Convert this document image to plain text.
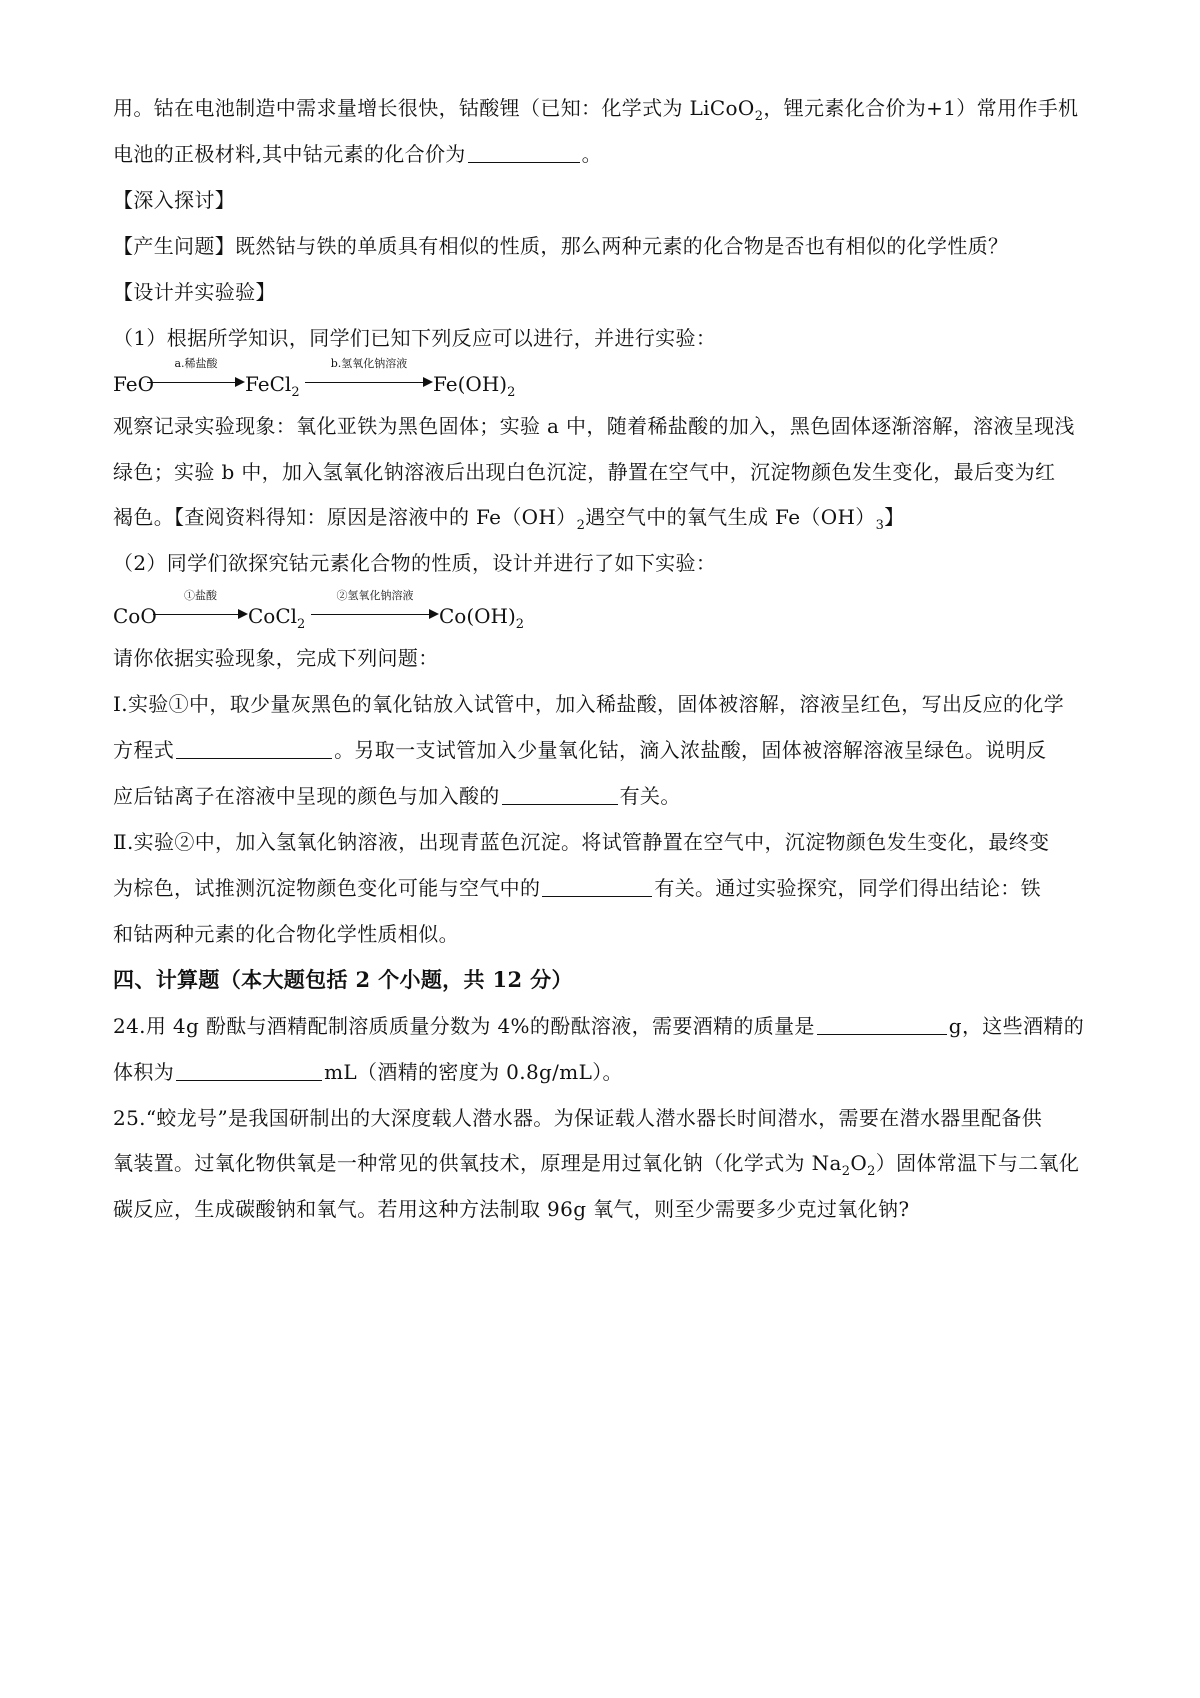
用。钴在电池制造中需求量增长很快，钴酸锂（已知：化学式为 LiCoO$_2$，锂元素化合价为+1）常用作手机
电池的正极材料,其中钴元素的化合价为	。
【深入探讨】
【产生问题】既然钴与铁的单质具有相似的性质，那么两种元素的化合物是否也有相似的化学性质？
【设计并实验验】
（1）根据所学知识，同学们已知下列反应可以进行，并进行实验：
FeO
a.稀盐酸
FeCl$_2$
b.氢氧化钠溶液
$Fe(OH)_2$
观察记录实验现象：氧化亚铁为黑色固体；实验 a 中，随着稀盐酸的加入，黑色固体逐渐溶解，溶液呈现浅
绿色；实验 b 中，加入氢氧化钠溶液后出现白色沉淀，静置在空气中，沉淀物颜色发生变化，最后变为红
褐色。【查阅资料得知：原因是溶液中的 $Fe(OH)_2$遇空气中的氧气生成 $Fe(OH)_3$】
（2）同学们欲探究钴元素化合物的性质，设计并进行了如下实验：
CoO
①盐酸
CoCl$_2$
②氢氧化钠溶液
$Co(OH)_2$
请你依据实验现象，完成下列问题：
I.实验①中，取少量灰黑色的氧化钴放入试管中，加入稀盐酸，固体被溶解，溶液呈红色，写出反应的化学
方程式	。另取一支试管加入少量氧化钴，滴入浓盐酸，固体被溶解溶液呈绿色。说明反
应后钴离子在溶液中呈现的颜色与加入酸的	有关。
Ⅱ.实验②中，加入氢氧化钠溶液，出现青蓝色沉淀。将试管静置在空气中，沉淀物颜色发生变化，最终变
为棕色，试推测沉淀物颜色变化可能与空气中的	有关。通过实验探究，同学们得出结论：铁
和钴两种元素的化合物化学性质相似。
四、计算题（本大题包括 2 个小题，共 12 分）
24.用 4g 酚酞与酒精配制溶质质量分数为 4%的酚酞溶液，需要酒精的质量是	g，这些酒精的
体积为	mL（酒精的密度为 0.8g/mL）。
25.“蛟龙号”是我国研制出的大深度载人潜水器。为保证载人潜水器长时间潜水，需要在潜水器里配备供
氧装置。过氧化物供氧是一种常见的供氧技术，原理是用过氧化钠（化学式为 $Na_2O_2$）固体常温下与二氧化
碳反应，生成碳酸钠和氧气。若用这种方法制取 96g 氧气，则至少需要多少克过氧化钠?
